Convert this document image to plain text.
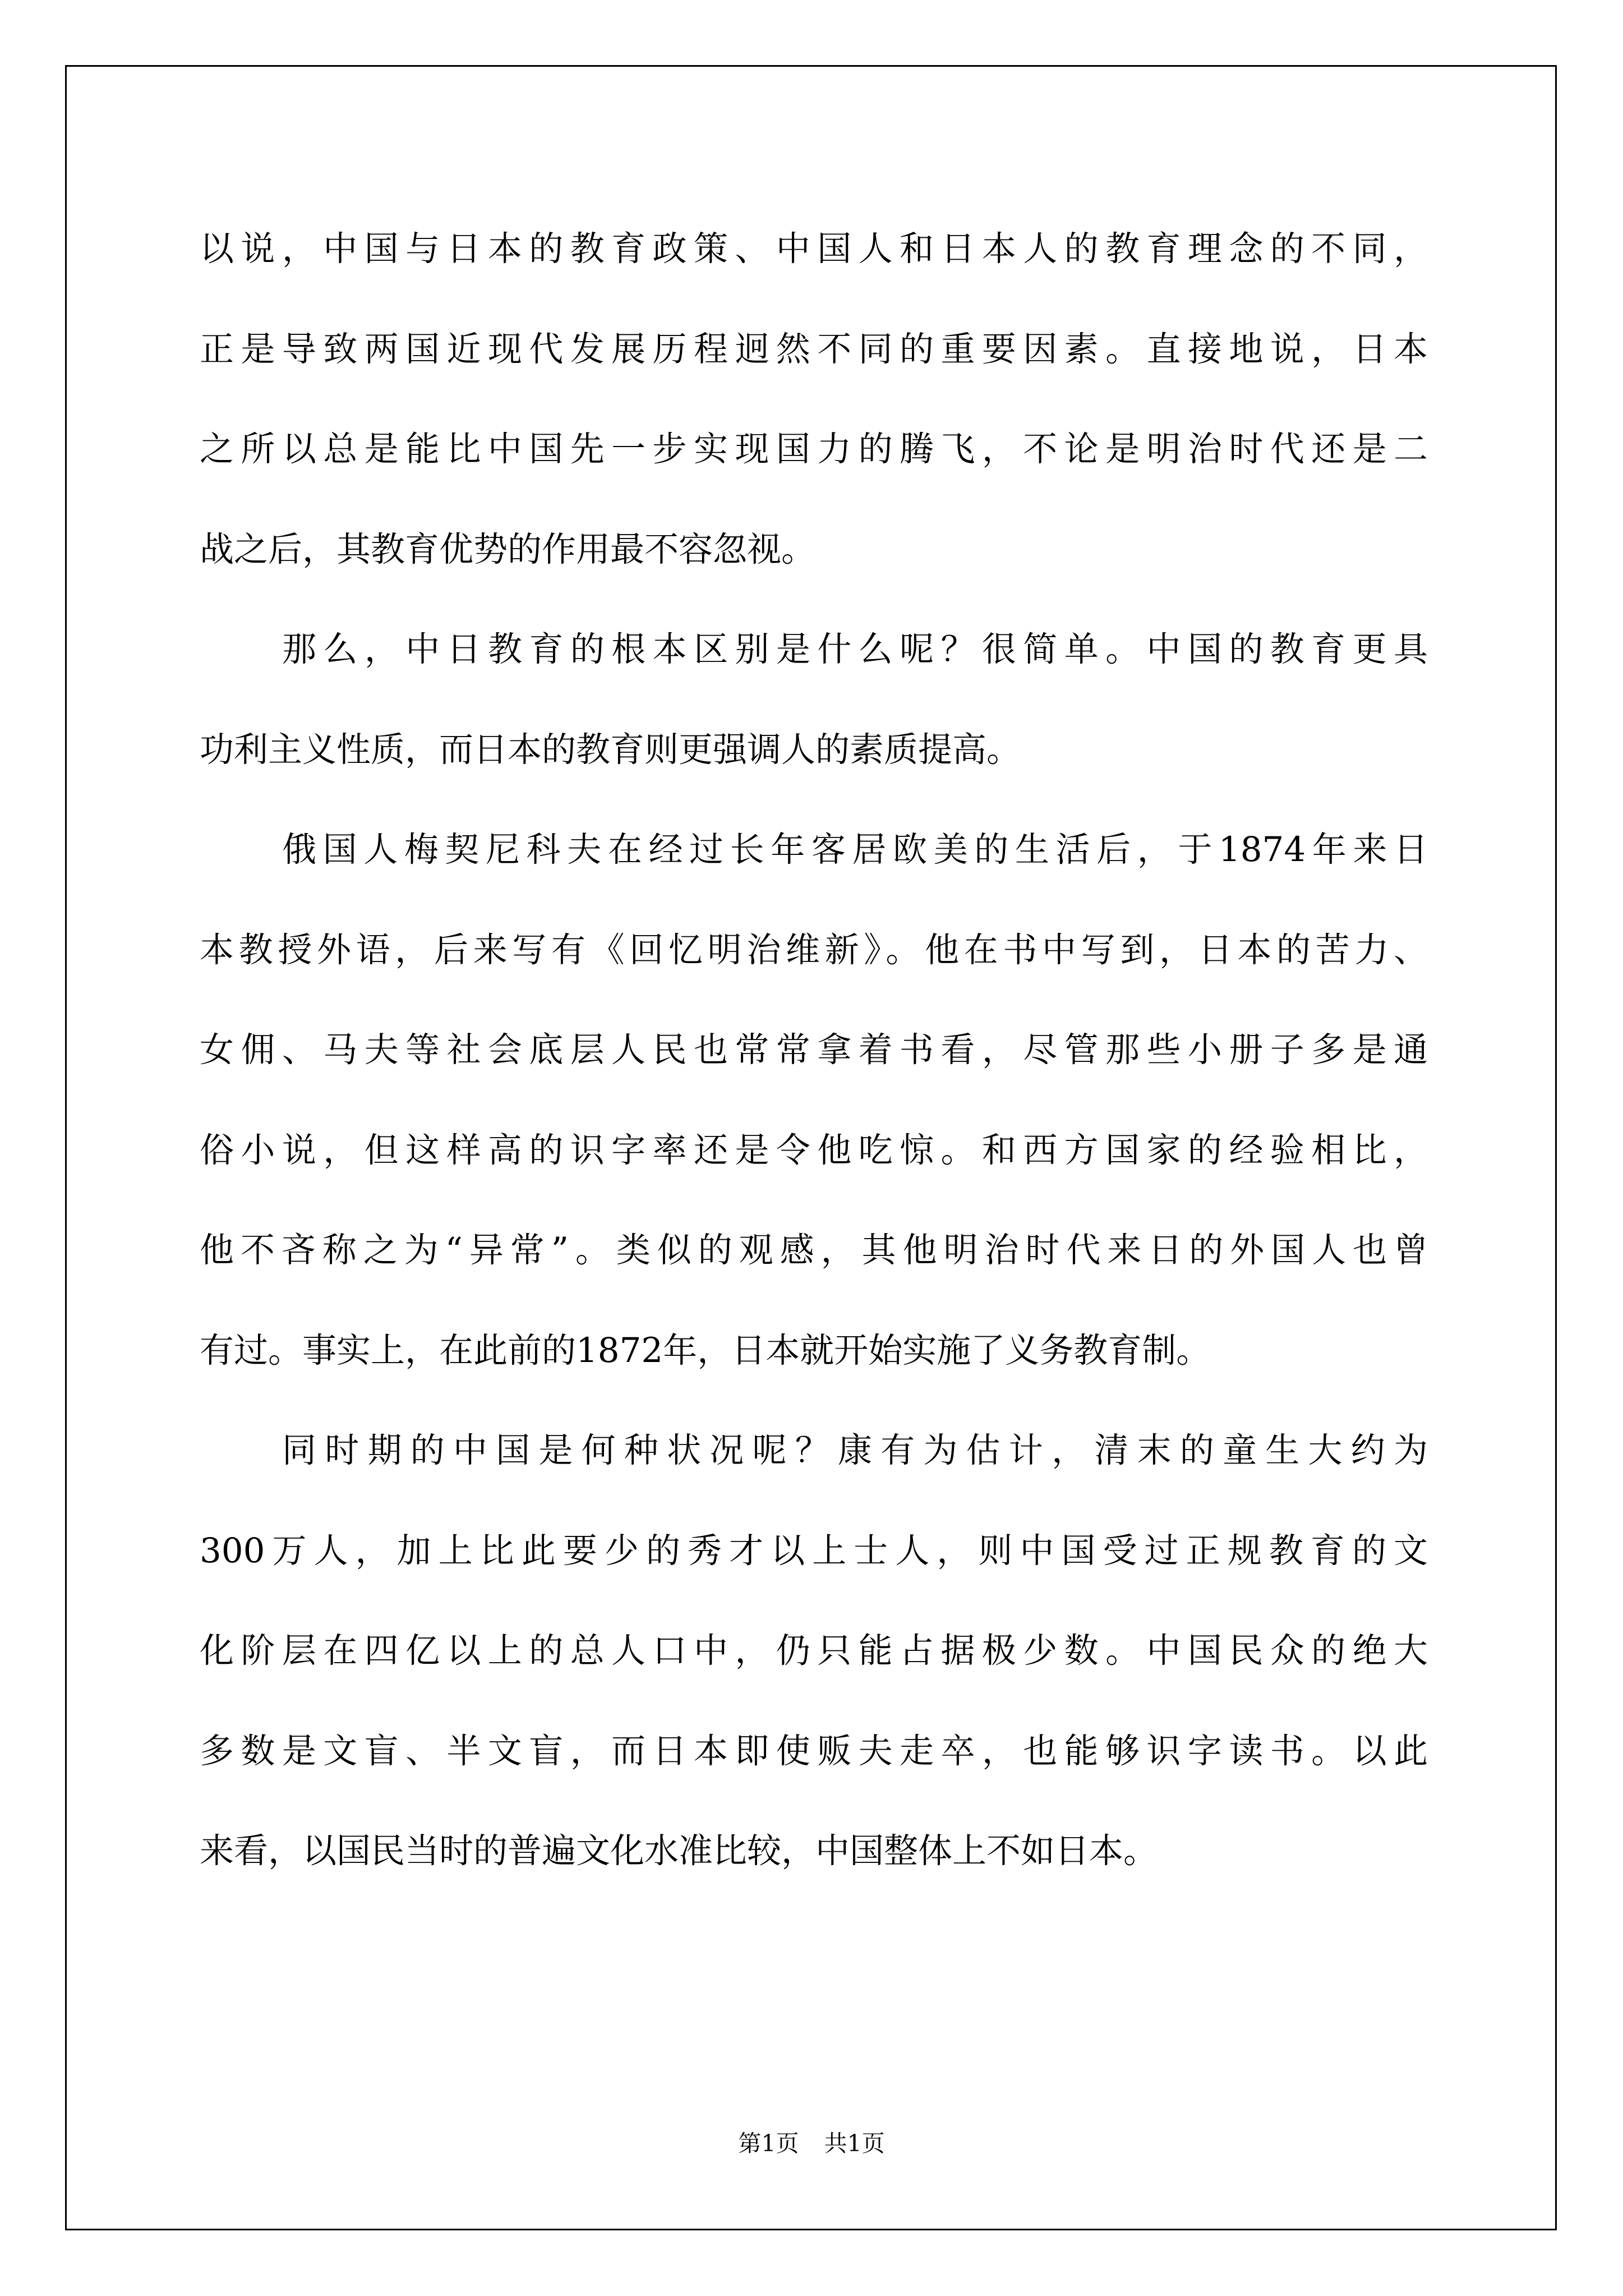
以说，中国与日本的教育政策、中国人和日本人的教育理念的不同，
正是导致两国近现代发展历程迥然不同的重要因素。直接地说，日本
之所以总是能比中国先一步实现国力的腾飞，不论是明治时代还是二
战之后，其教育优势的作用最不容忽视。
那么，中日教育的根本区别是什么呢？很简单。中国的教育更具
功利主义性质，而日本的教育则更强调人的素质提高。
俄国人梅契尼科夫在经过长年客居欧美的生活后，于1874年来日
本教授外语，后来写有《回忆明治维新》。他在书中写到，日本的苦力、
女佣、马夫等社会底层人民也常常拿着书看，尽管那些小册子多是通
俗小说，但这样高的识字率还是令他吃惊。和西方国家的经验相比，
他不吝称之为“异常”。类似的观感，其他明治时代来日的外国人也曾
有过。事实上，在此前的1872年，日本就开始实施了义务教育制。
同时期的中国是何种状况呢？康有为估计，清末的童生大约为
300万人，加上比此要少的秀才以上士人，则中国受过正规教育的文
化阶层在四亿以上的总人口中，仍只能占据极少数。中国民众的绝大
多数是文盲、半文盲，而日本即使贩夫走卒，也能够识字读书。以此
来看，以国民当时的普遍文化水准比较，中国整体上不如日本。
第1页 共1页
